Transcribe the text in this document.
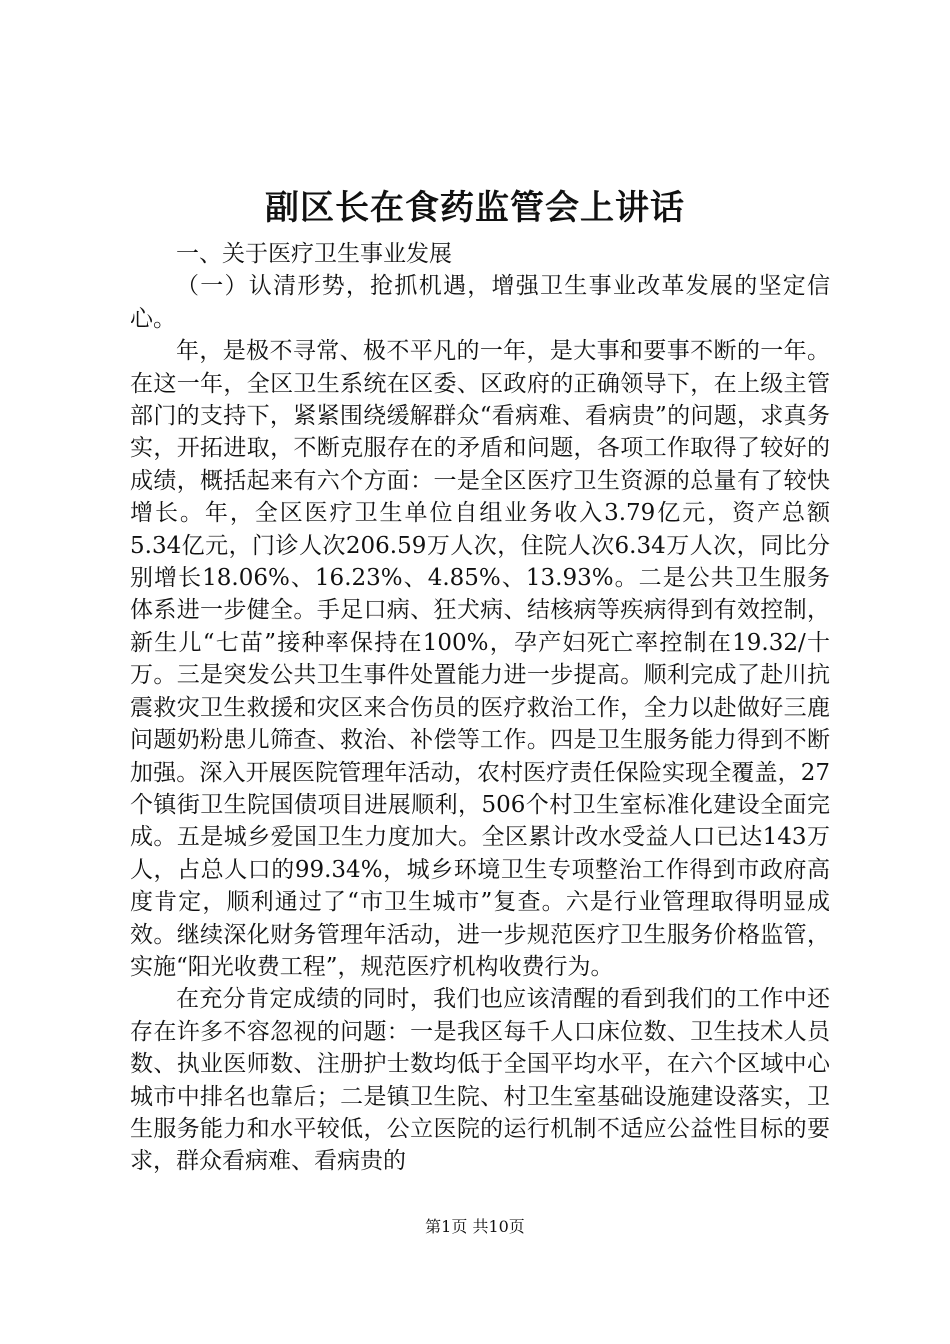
副区长在食药监管会上讲话

一、关于医疗卫生事业发展

（一）认清形势，抢抓机遇，增强卫生事业改革发展的坚定信心。

年，是极不寻常、极不平凡的一年，是大事和要事不断的一年。在这一年，全区卫生系统在区委、区政府的正确领导下，在上级主管部门的支持下，紧紧围绕缓解群众“看病难、看病贵”的问题，求真务实，开拓进取，不断克服存在的矛盾和问题，各项工作取得了较好的成绩，概括起来有六个方面：一是全区医疗卫生资源的总量有了较快增长。年，全区医疗卫生单位自组业务收入3.79亿元，资产总额5.34亿元，门诊人次206.59万人次，住院人次6.34万人次，同比分别增长18.06%、16.23%、4.85%、13.93%。二是公共卫生服务体系进一步健全。手足口病、狂犬病、结核病等疾病得到有效控制，新生儿“七苗”接种率保持在100%，孕产妇死亡率控制在19.32/十万。三是突发公共卫生事件处置能力进一步提高。顺利完成了赴川抗震救灾卫生救援和灾区来合伤员的医疗救治工作，全力以赴做好三鹿问题奶粉患儿筛查、救治、补偿等工作。四是卫生服务能力得到不断加强。深入开展医院管理年活动，农村医疗责任保险实现全覆盖，27个镇街卫生院国债项目进展顺利，506个村卫生室标准化建设全面完成。五是城乡爱国卫生力度加大。全区累计改水受益人口已达143万人，占总人口的99.34%，城乡环境卫生专项整治工作得到市政府高度肯定，顺利通过了“市卫生城市”复查。六是行业管理取得明显成效。继续深化财务管理年活动，进一步规范医疗卫生服务价格监管，实施“阳光收费工程”，规范医疗机构收费行为。

在充分肯定成绩的同时，我们也应该清醒的看到我们的工作中还存在许多不容忽视的问题：一是我区每千人口床位数、卫生技术人员数、执业医师数、注册护士数均低于全国平均水平，在六个区域中心城市中排名也靠后；二是镇卫生院、村卫生室基础设施建设落实，卫生服务能力和水平较低，公立医院的运行机制不适应公益性目标的要求，群众看病难、看病贵的

第1页 共10页
